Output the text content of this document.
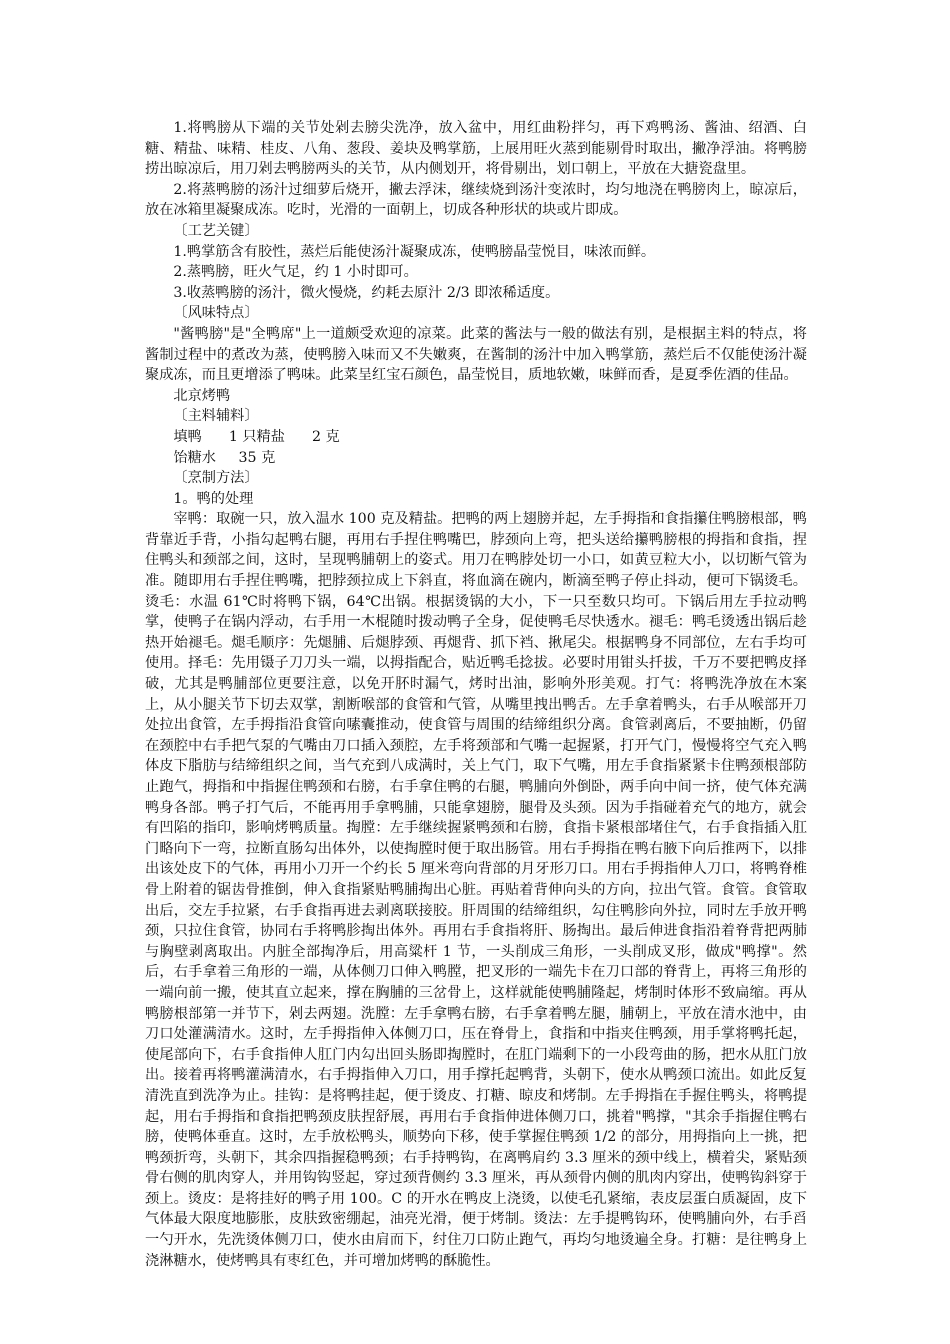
1.将鸭膀从下端的关节处剁去膀尖洗净，放入盆中，用红曲粉拌匀，再下鸡鸭汤、酱油、绍酒、白糖、精盐、味精、桂皮、八角、葱段、姜块及鸭掌筋，上展用旺火蒸到能剔骨时取出，撇净浮油。将鸭膀捞出晾凉后，用刀剁去鸭膀两头的关节，从内侧划开，将骨剔出，划口朝上，平放在大搪瓷盘里。

2.将蒸鸭膀的汤汁过细萝后烧开，撇去浮沫，继续烧到汤汁变浓时，均匀地浇在鸭膀肉上，晾凉后，放在冰箱里凝聚成冻。吃时，光滑的一面朝上，切成各种形状的块或片即成。

〔工艺关键〕

1.鸭掌筋含有胶性，蒸烂后能使汤汁凝聚成冻，使鸭膀晶莹悦目，味浓而鲜。

2.蒸鸭膀，旺火气足，约 1 小时即可。

3.收蒸鸭膀的汤汁，微火慢烧，约耗去原汁 2/3 即浓稀适度。

〔风味特点〕

"酱鸭膀"是"全鸭席"上一道颇受欢迎的凉菜。此菜的酱法与一般的做法有别，是根据主料的特点，将酱制过程中的煮改为蒸，使鸭膀入味而又不失嫩爽，在酱制的汤汁中加入鸭掌筋，蒸烂后不仅能使汤汁凝聚成冻，而且更增添了鸭味。此菜呈红宝石颜色，晶莹悦目，质地软嫩，味鲜而香，是夏季佐酒的佳品。

北京烤鸭

〔主料辅料〕

填鸭      1 只精盐      2 克

饴糖水     35 克

〔烹制方法〕

1。鸭的处理

宰鸭：取碗一只，放入温水 100 克及精盐。把鸭的两上翅膀并起，左手拇指和食指攥住鸭膀根部，鸭背靠近手背，小指勾起鸭右腿，再用右手捏住鸭嘴巴，脖颈向上弯，把头送给攥鸭膀根的拇指和食指，捏住鸭头和颈部之间，这时，呈现鸭脯朝上的姿式。用刀在鸭脖处切一小口，如黄豆粒大小，以切断气管为准。随即用右手捏住鸭嘴，把脖颈拉成上下斜直，将血滴在碗内，断滴至鸭子停止抖动，便可下锅烫毛。烫毛：水温 61℃时将鸭下锅，64℃出锅。根据烫锅的大小，下一只至数只均可。下锅后用左手拉动鸭掌，使鸭子在锅内浮动，右手用一木棍随时拨动鸭子全身，促使鸭毛尽快透水。褪毛：鸭毛烫透出锅后趁热开始褪毛。煺毛顺序：先煺脯、后煺脖颈、再煺背、抓下裆、揪尾尖。根据鸭身不同部位，左右手均可使用。择毛：先用镊子刀刀头一端，以拇指配合，贴近鸭毛捻拔。必要时用钳头扦拔，千万不要把鸭皮择破，尤其是鸭脯部位更要注意，以免开肧时漏气，烤时出油，影响外形美观。打气：将鸭洗净放在木案上，从小腿关节下切去双掌，割断喉部的食管和气管，从嘴里拽出鸭舌。左手拿着鸭头，右手从喉部开刀处拉出食管，左手拇指沿食管向嗉囊推动，使食管与周围的结缔组织分离。食管剥离后，不要抽断，仍留在颈腔中右手把气泵的气嘴由刀口插入颈腔，左手将颈部和气嘴一起握紧，打开气门，慢慢将空气充入鸭体皮下脂肪与结缔组织之间，当气充到八成满时，关上气门，取下气嘴，用左手食指紧紧卡住鸭颈根部防止跑气，拇指和中指握住鸭颈和右膀，右手拿住鸭的右腿，鸭脯向外倒卧，两手向中间一挤，使气体充满鸭身各部。鸭子打气后，不能再用手拿鸭脯，只能拿翅膀，腿骨及头颈。因为手指碰着充气的地方，就会有凹陷的指印，影响烤鸭质量。掏膛：左手继续握紧鸭颈和右膀，食指卡紧根部堵住气，右手食指插入肛门略向下一弯，拉断直肠勾出体外，以使掏膛时便于取出肠管。用右手拇指在鸭右腋下向后推两下，以排出该处皮下的气体，再用小刀开一个约长 5 厘米弯向背部的月牙形刀口。用右手拇指伸人刀口，将鸭脊椎骨上附着的锯齿骨推倒，伸入食指紧贴鸭脯掏出心脏。再贴着背伸向头的方向，拉出气管。食管。食管取出后，交左手拉紧，右手食指再进去剥离联接胶。肝周围的结缔组织，勾住鸭胗向外拉，同时左手放开鸭颈，只拉住食管，协同右手将鸭胗掏出体外。再用右手食指将肝、肠掏出。最后伸进食指沿着脊背把两肺与胸壁剥离取出。内脏全部掏净后，用高粱杆 1 节，一头削成三角形，一头削成叉形，做成"鸭撑"。然后，右手拿着三角形的一端，从体侧刀口伸入鸭膛，把叉形的一端先卡在刀口部的脊背上，再将三角形的一端向前一搬，使其直立起来，撑在胸脯的三岔骨上，这样就能使鸭脯隆起，烤制时体形不致扁缩。再从鸭膀根部第一并节下，剁去两翅。洗膛：左手拿鸭右膀，右手拿着鸭左腿，脯朝上，平放在清水池中，由刀口处灌满清水。这时，左手拇指伸入体侧刀口，压在脊骨上，食指和中指夹住鸭颈，用手掌将鸭托起，使尾部向下，右手食指伸人肛门内勾出回头肠即掏膛时，在肛门端剩下的一小段弯曲的肠，把水从肛门放出。接着再将鸭灌满清水，右手拇指伸入刀口，用手撑托起鸭背，头朝下，使水从鸭颈口流出。如此反复清洗直到洗净为止。挂钩：是将鸭挂起，便于烫皮、打糖、晾皮和烤制。左手拇指在手握住鸭头，将鸭提起，用右手拇指和食指把鸭颈皮肤捏舒展，再用右手食指伸进体侧刀口，挑着"鸭撑，"其余手指握住鸭右膀，使鸭体垂直。这时，左手放松鸭头，顺势向下移，使手掌握住鸭颈 1/2 的部分，用拇指向上一挑，把鸭颈折弯，头朝下，其余四指握稳鸭颈；右手持鸭钩，在离鸭肩约 3.3 厘米的颈中线上，横着尖，紧贴颈骨右侧的肌肉穿人，并用钩钩竖起，穿过颈背侧约 3.3 厘米，再从颈骨内侧的肌肉内穿出，使鸭钩斜穿于颈上。烫皮：是将挂好的鸭子用 100。C 的开水在鸭皮上浇烫，以使毛孔紧缩，表皮层蛋白质凝固，皮下气体最大限度地膨胀，皮肤致密绷起，油亮光滑，便于烤制。烫法：左手提鸭钩环，使鸭脯向外，右手舀一勺开水，先洗烫体侧刀口，使水由肩而下，纣住刀口防止跑气，再均匀地烫遍全身。打糖：是往鸭身上浇淋糖水，使烤鸭具有枣红色，并可增加烤鸭的酥脆性。
